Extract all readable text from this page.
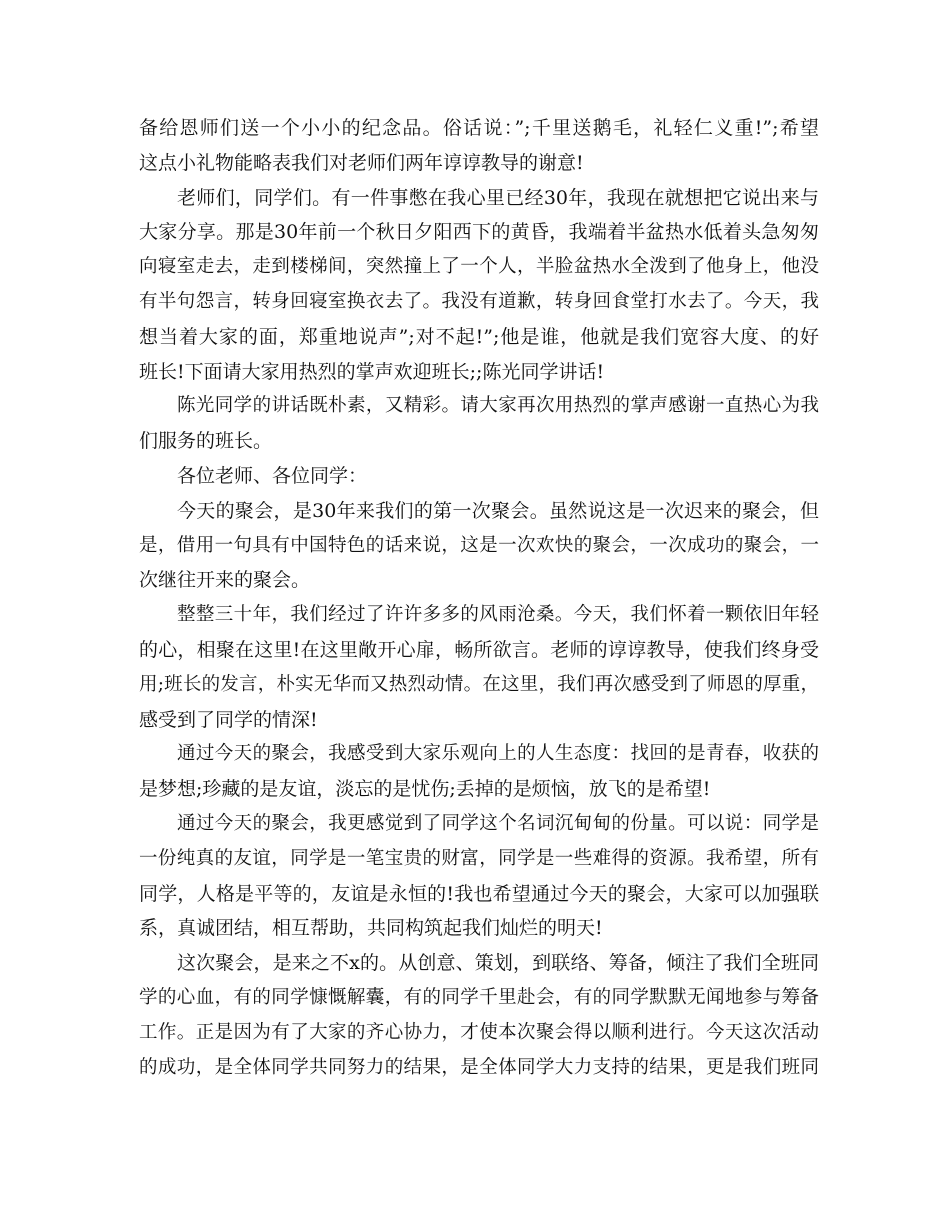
备给恩师们送一个小小的纪念品。俗话说：”;千里送鹅毛，礼轻仁义重!”;希望
这点小礼物能略表我们对老师们两年谆谆教导的谢意!
老师们，同学们。有一件事憋在我心里已经30年，我现在就想把它说出来与
大家分享。那是30年前一个秋日夕阳西下的黄昏，我端着半盆热水低着头急匆匆
向寝室走去，走到楼梯间，突然撞上了一个人，半脸盆热水全泼到了他身上，他没
有半句怨言，转身回寝室换衣去了。我没有道歉，转身回食堂打水去了。今天，我
想当着大家的面，郑重地说声”;对不起!”;他是谁，他就是我们宽容大度、的好
班长!下面请大家用热烈的掌声欢迎班长;;陈光同学讲话!
陈光同学的讲话既朴素，又精彩。请大家再次用热烈的掌声感谢一直热心为我
们服务的班长。
各位老师、各位同学：
今天的聚会，是30年来我们的第一次聚会。虽然说这是一次迟来的聚会，但
是，借用一句具有中国特色的话来说，这是一次欢快的聚会，一次成功的聚会，一
次继往开来的聚会。
整整三十年，我们经过了许许多多的风雨沧桑。今天，我们怀着一颗依旧年轻
的心，相聚在这里!在这里敞开心扉，畅所欲言。老师的谆谆教导，使我们终身受
用;班长的发言，朴实无华而又热烈动情。在这里，我们再次感受到了师恩的厚重，
感受到了同学的情深!
通过今天的聚会，我感受到大家乐观向上的人生态度：找回的是青春，收获的
是梦想;珍藏的是友谊，淡忘的是忧伤;丢掉的是烦恼，放飞的是希望!
通过今天的聚会，我更感觉到了同学这个名词沉甸甸的份量。可以说：同学是
一份纯真的友谊，同学是一笔宝贵的财富，同学是一些难得的资源。我希望，所有
同学，人格是平等的，友谊是永恒的!我也希望通过今天的聚会，大家可以加强联
系，真诚团结，相互帮助，共同构筑起我们灿烂的明天!
这次聚会，是来之不x的。从创意、策划，到联络、筹备，倾注了我们全班同
学的心血，有的同学慷慨解囊，有的同学千里赴会，有的同学默默无闻地参与筹备
工作。正是因为有了大家的齐心协力，才使本次聚会得以顺利进行。今天这次活动
的成功，是全体同学共同努力的结果，是全体同学大力支持的结果，更是我们班同
